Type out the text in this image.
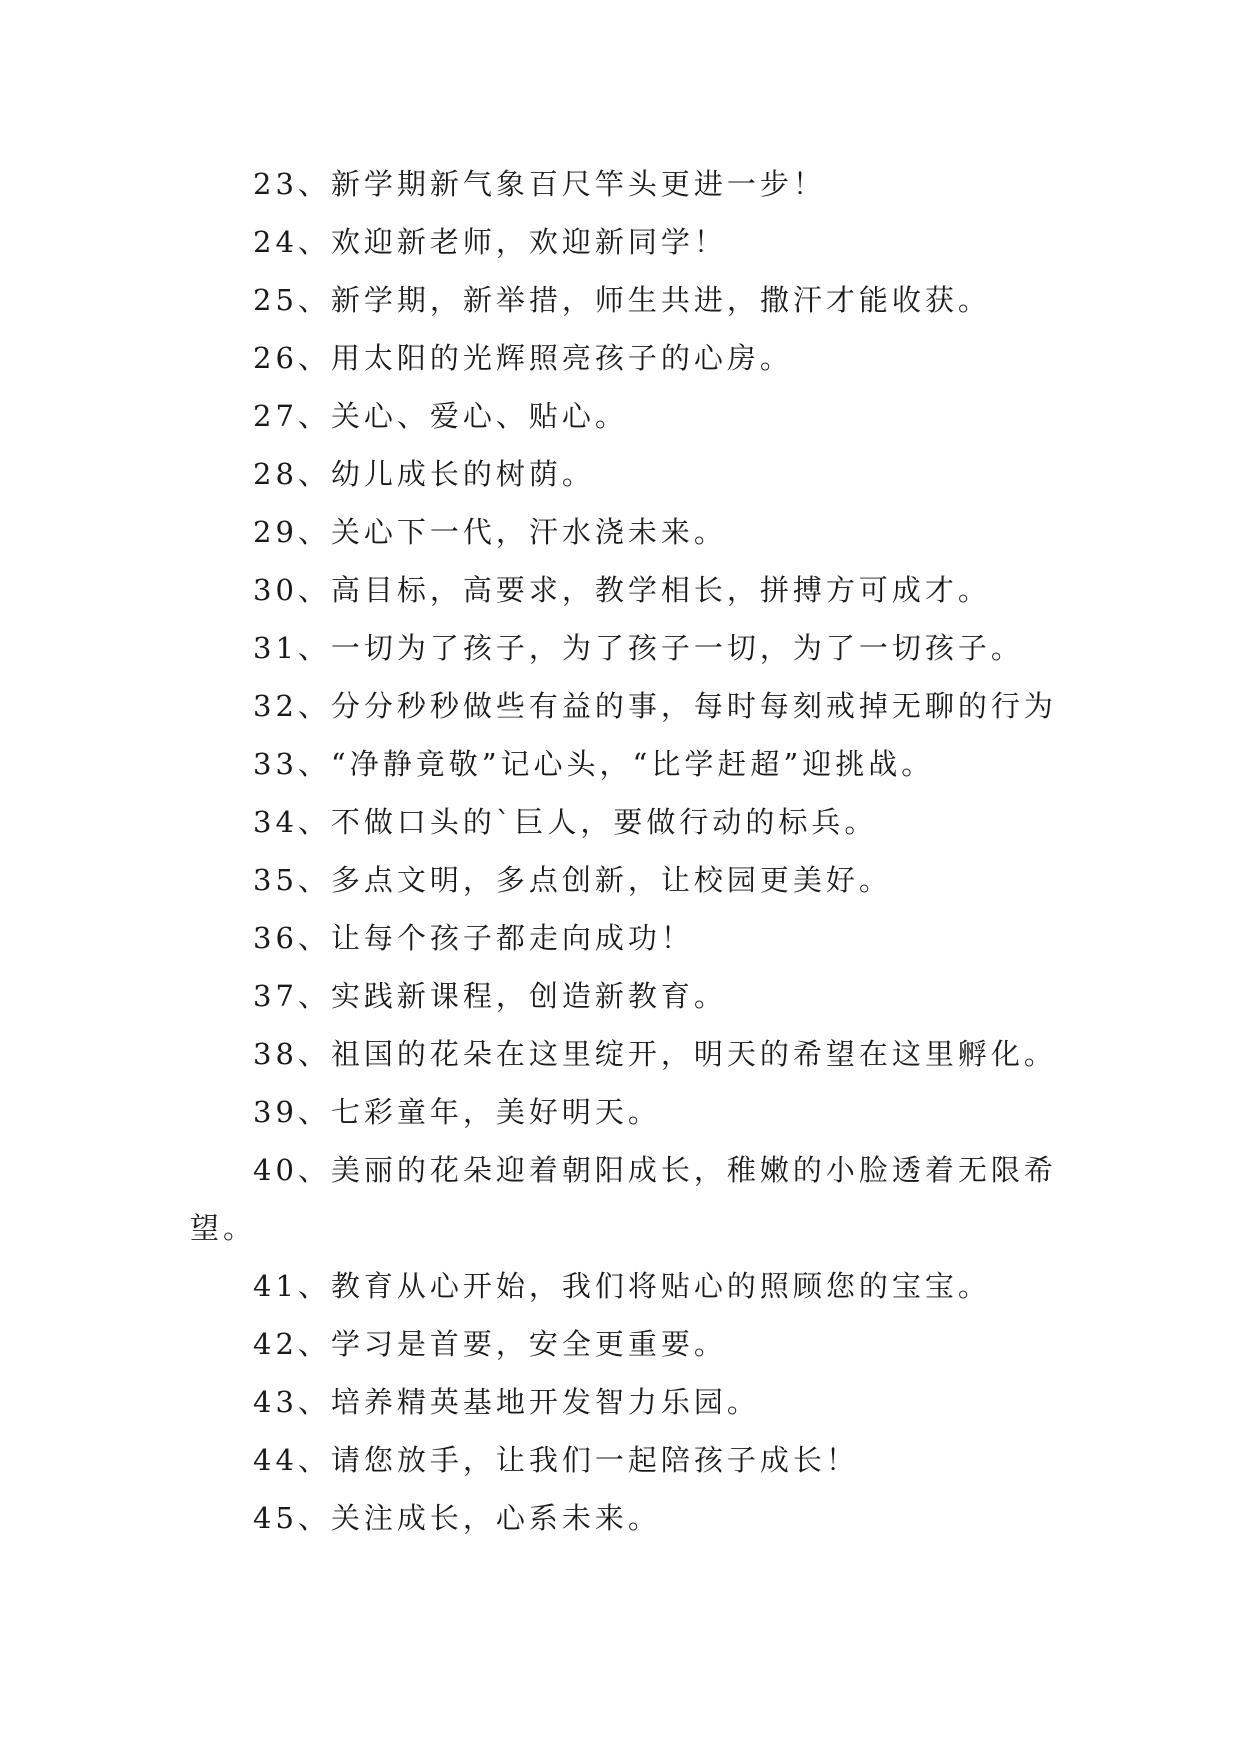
23、新学期新气象百尺竿头更进一步！

24、欢迎新老师，欢迎新同学！

25、新学期，新举措，师生共进，撒汗才能收获。

26、用太阳的光辉照亮孩子的心房。

27、关心、爱心、贴心。

28、幼儿成长的树荫。

29、关心下一代，汗水浇未来。

30、高目标，高要求，教学相长，拼搏方可成才。

31、一切为了孩子，为了孩子一切，为了一切孩子。

32、分分秒秒做些有益的事，每时每刻戒掉无聊的行为

33、“净静竟敬”记心头，“比学赶超”迎挑战。

34、不做口头的`巨人，要做行动的标兵。

35、多点文明，多点创新，让校园更美好。

36、让每个孩子都走向成功！

37、实践新课程，创造新教育。

38、祖国的花朵在这里绽开，明天的希望在这里孵化。

39、七彩童年，美好明天。

40、美丽的花朵迎着朝阳成长，稚嫩的小脸透着无限希望。

41、教育从心开始，我们将贴心的照顾您的宝宝。

42、学习是首要，安全更重要。

43、培养精英基地开发智力乐园。

44、请您放手，让我们一起陪孩子成长！

45、关注成长，心系未来。
